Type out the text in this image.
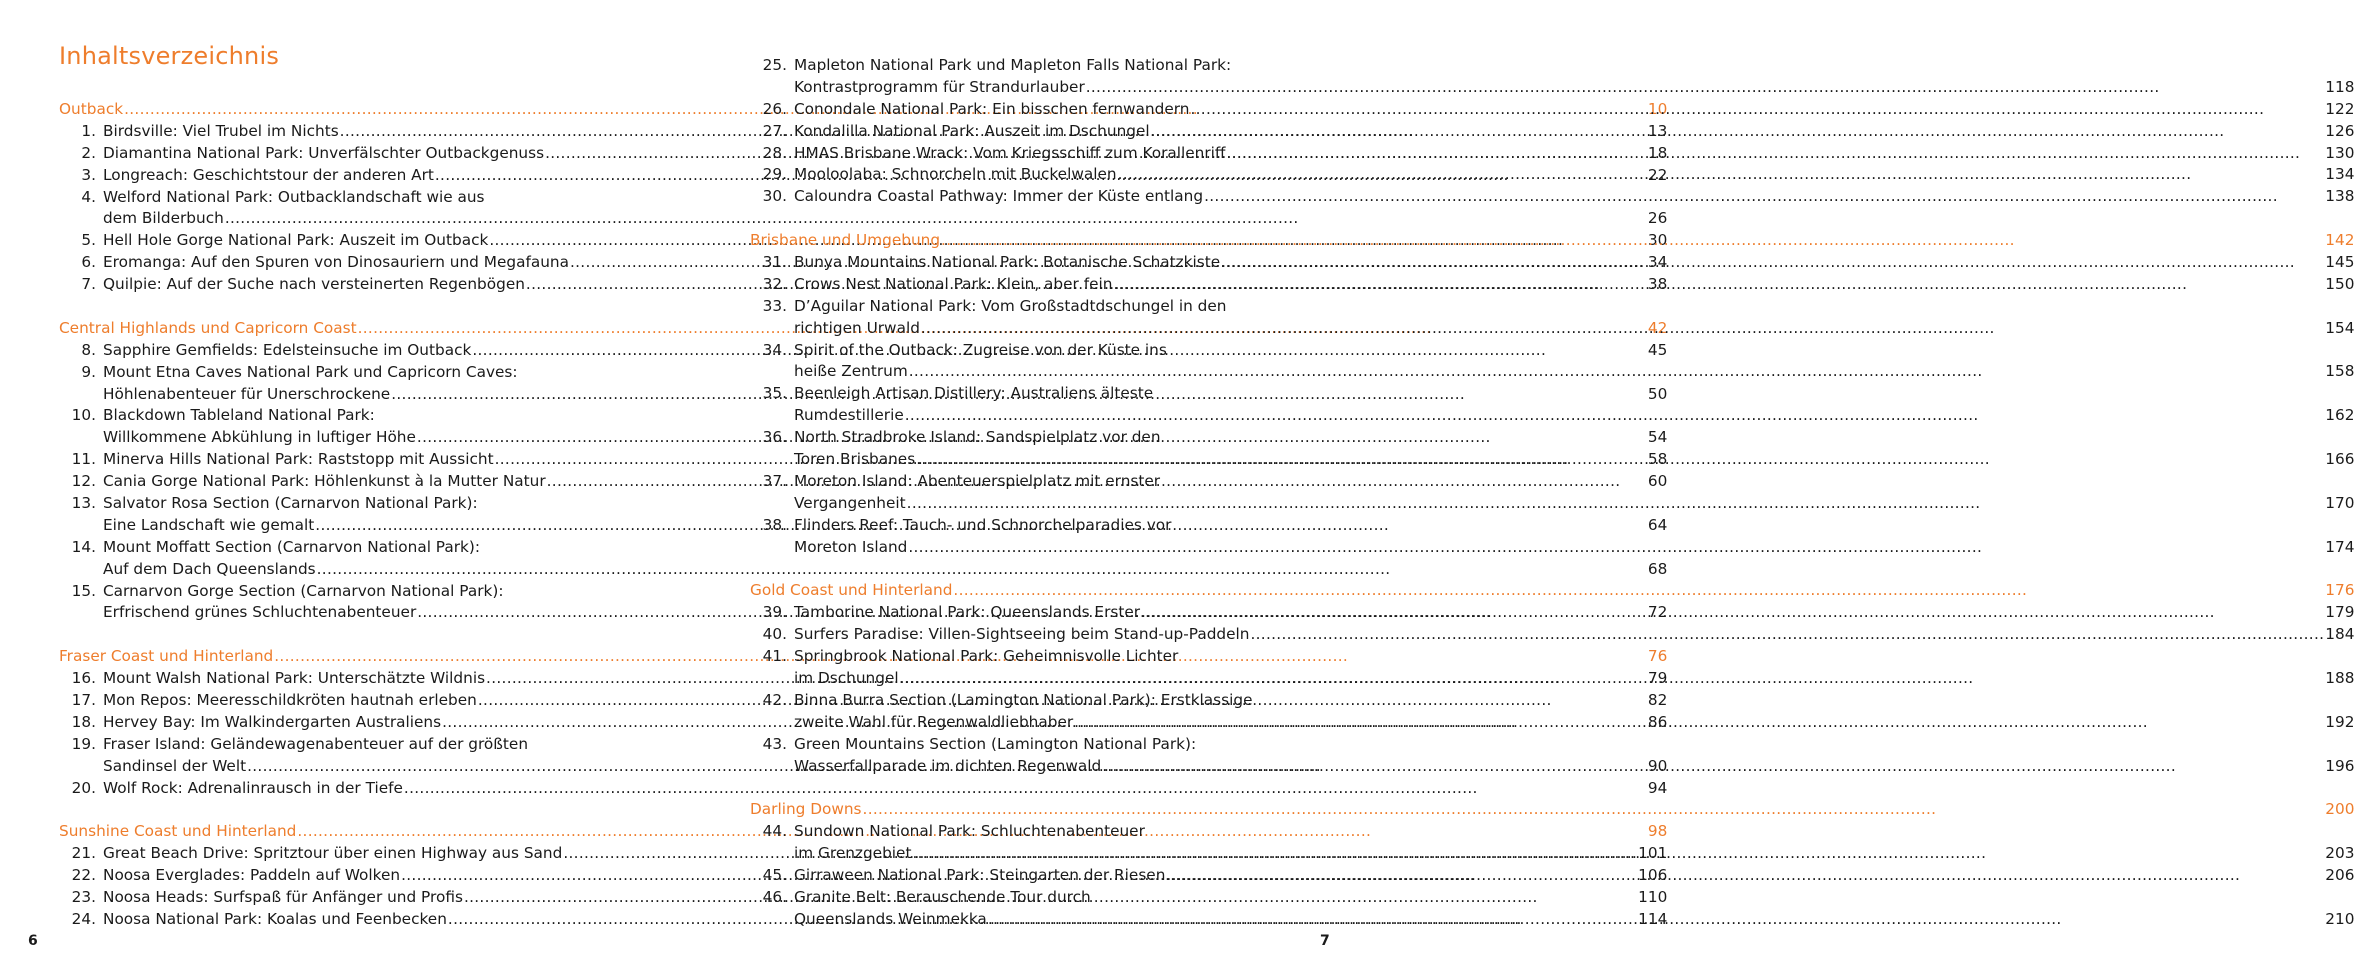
Inhaltsverzeichnis
Outback .....	10
1. Birdsville: Viel Trubel im Nichts .....	13
2. Diamantina National Park: Unverfälschter Outbackgenuss .....	18
3. Longreach: Geschichtstour der anderen Art .....	22
4. Welford National Park: Outbacklandschaft wie aus
dem Bilderbuch .....	26
5. Hell Hole Gorge National Park: Auszeit im Outback .....	30
6. Eromanga: Auf den Spuren von Dinosauriern und Megafauna .....	34
7. Quilpie: Auf der Suche nach versteinerten Regenbögen .....	38
Central Highlands und Capricorn Coast .....	42
8. Sapphire Gemfields: Edelsteinsuche im Outback .....	45
9. Mount Etna Caves National Park und Capricorn Caves:
Höhlenabenteuer für Unerschrockene .....	50
10. Blackdown Tableland National Park:
Willkommene Abkühlung in luftiger Höhe .....	54
11. Minerva Hills National Park: Raststopp mit Aussicht .....	58
12. Cania Gorge National Park: Höhlenkunst à la Mutter Natur .....	60
13. Salvator Rosa Section (Carnarvon National Park):
Eine Landschaft wie gemalt .....	64
14. Mount Moffatt Section (Carnarvon National Park):
Auf dem Dach Queenslands .....	68
15. Carnarvon Gorge Section (Carnarvon National Park):
Erfrischend grünes Schluchtenabenteuer .....	72
Fraser Coast und Hinterland .....	76
16. Mount Walsh National Park: Unterschätzte Wildnis .....	79
17. Mon Repos: Meeresschildkröten hautnah erleben .....	82
18. Hervey Bay: Im Walkindergarten Australiens .....	86
19. Fraser Island: Geländewagenabenteuer auf der größten
Sandinsel der Welt .....	90
20. Wolf Rock: Adrenalinrausch in der Tiefe .....	94
Sunshine Coast und Hinterland .....	98
21. Great Beach Drive: Spritztour über einen Highway aus Sand .....	101
22. Noosa Everglades: Paddeln auf Wolken .....	106
23. Noosa Heads: Surfspaß für Anfänger und Profis .....	110
24. Noosa National Park: Koalas und Feenbecken .....	114
25. Mapleton National Park und Mapleton Falls National Park:
Kontrastprogramm für Strandurlauber .....	118
26. Conondale National Park: Ein bisschen fernwandern .....	122
27. Kondalilla National Park: Auszeit im Dschungel .....	126
28. HMAS Brisbane Wrack: Vom Kriegsschiff zum Korallenriff .....	130
29. Mooloolaba: Schnorcheln mit Buckelwalen .....	134
30. Caloundra Coastal Pathway: Immer der Küste entlang .....	138
Brisbane und Umgebung .....	142
31. Bunya Mountains National Park: Botanische Schatzkiste .....	145
32. Crows Nest National Park: Klein, aber fein .....	150
33. D’Aguilar National Park: Vom Großstadtdschungel in den
richtigen Urwald .....	154
34. Spirit of the Outback: Zugreise von der Küste ins
heiße Zentrum .....	158
35. Beenleigh Artisan Distillery: Australiens älteste
Rumdestillerie .....	162
36. North Stradbroke Island: Sandspielplatz vor den
Toren Brisbanes .....	166
37. Moreton Island: Abenteuerspielplatz mit ernster
Vergangenheit .....	170
38. Flinders Reef: Tauch- und Schnorchelparadies vor
Moreton Island .....	174
Gold Coast und Hinterland .....	176
39. Tamborine National Park: Queenslands Erster .....	179
40. Surfers Paradise: Villen-Sightseeing beim Stand-up-Paddeln .....	184
41. Springbrook National Park: Geheimnisvolle Lichter
im Dschungel .....	188
42. Binna Burra Section (Lamington National Park): Erstklassige
zweite Wahl für Regenwaldliebhaber .....	192
43. Green Mountains Section (Lamington National Park):
Wasserfallparade im dichten Regenwald .....	196
Darling Downs .....	200
44. Sundown National Park: Schluchtenabenteuer
im Grenzgebiet .....	203
45. Girraween National Park: Steingarten der Riesen .....	206
46. Granite Belt: Berauschende Tour durch
Queenslands Weinmekka .....	210
6	7
